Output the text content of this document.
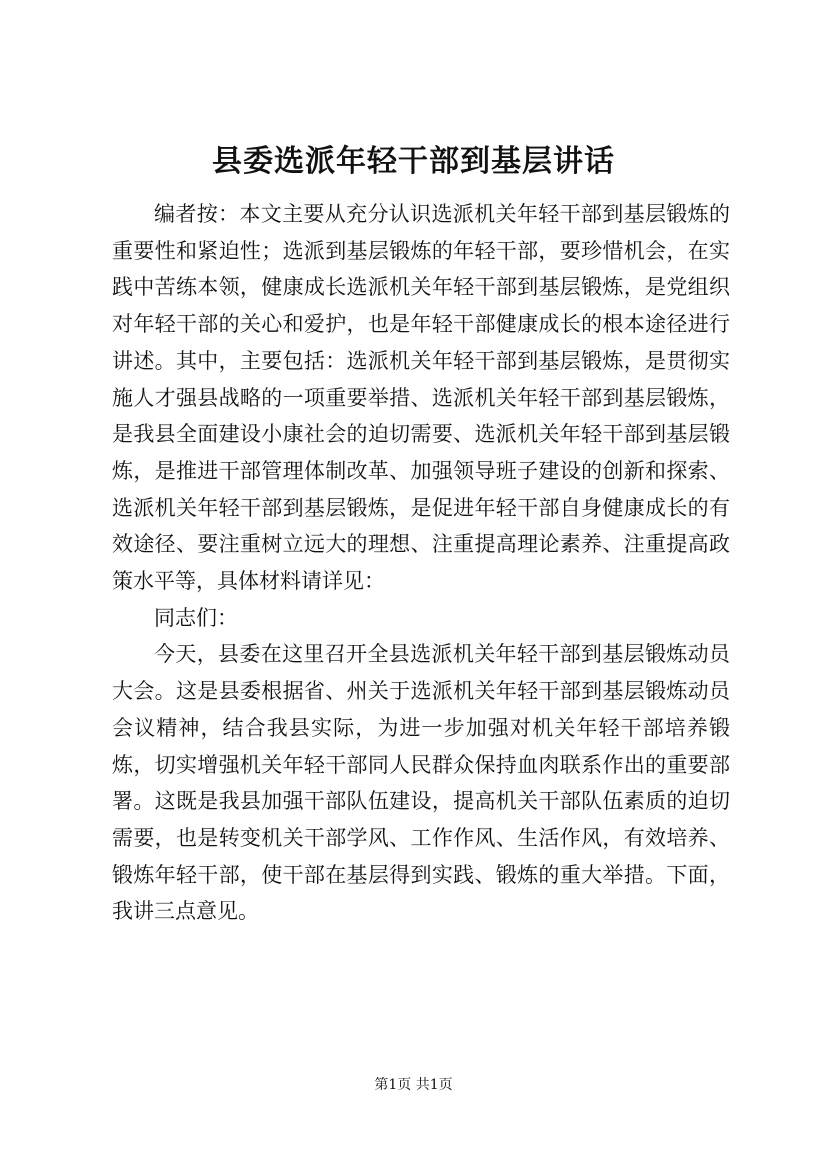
县委选派年轻干部到基层讲话

编者按：本文主要从充分认识选派机关年轻干部到基层锻炼的重要性和紧迫性；选派到基层锻炼的年轻干部，要珍惜机会，在实践中苦练本领，健康成长选派机关年轻干部到基层锻炼，是党组织对年轻干部的关心和爱护，也是年轻干部健康成长的根本途径进行讲述。其中，主要包括：选派机关年轻干部到基层锻炼，是贯彻实施人才强县战略的一项重要举措、选派机关年轻干部到基层锻炼，是我县全面建设小康社会的迫切需要、选派机关年轻干部到基层锻炼，是推进干部管理体制改革、加强领导班子建设的创新和探索、选派机关年轻干部到基层锻炼，是促进年轻干部自身健康成长的有效途径、要注重树立远大的理想、注重提高理论素养、注重提高政策水平等，具体材料请详见：

同志们：

今天，县委在这里召开全县选派机关年轻干部到基层锻炼动员大会。这是县委根据省、州关于选派机关年轻干部到基层锻炼动员会议精神，结合我县实际，为进一步加强对机关年轻干部培养锻炼，切实增强机关年轻干部同人民群众保持血肉联系作出的重要部署。这既是我县加强干部队伍建设，提高机关干部队伍素质的迫切需要，也是转变机关干部学风、工作作风、生活作风，有效培养、锻炼年轻干部，使干部在基层得到实践、锻炼的重大举措。下面，我讲三点意见。

第1页 共1页
